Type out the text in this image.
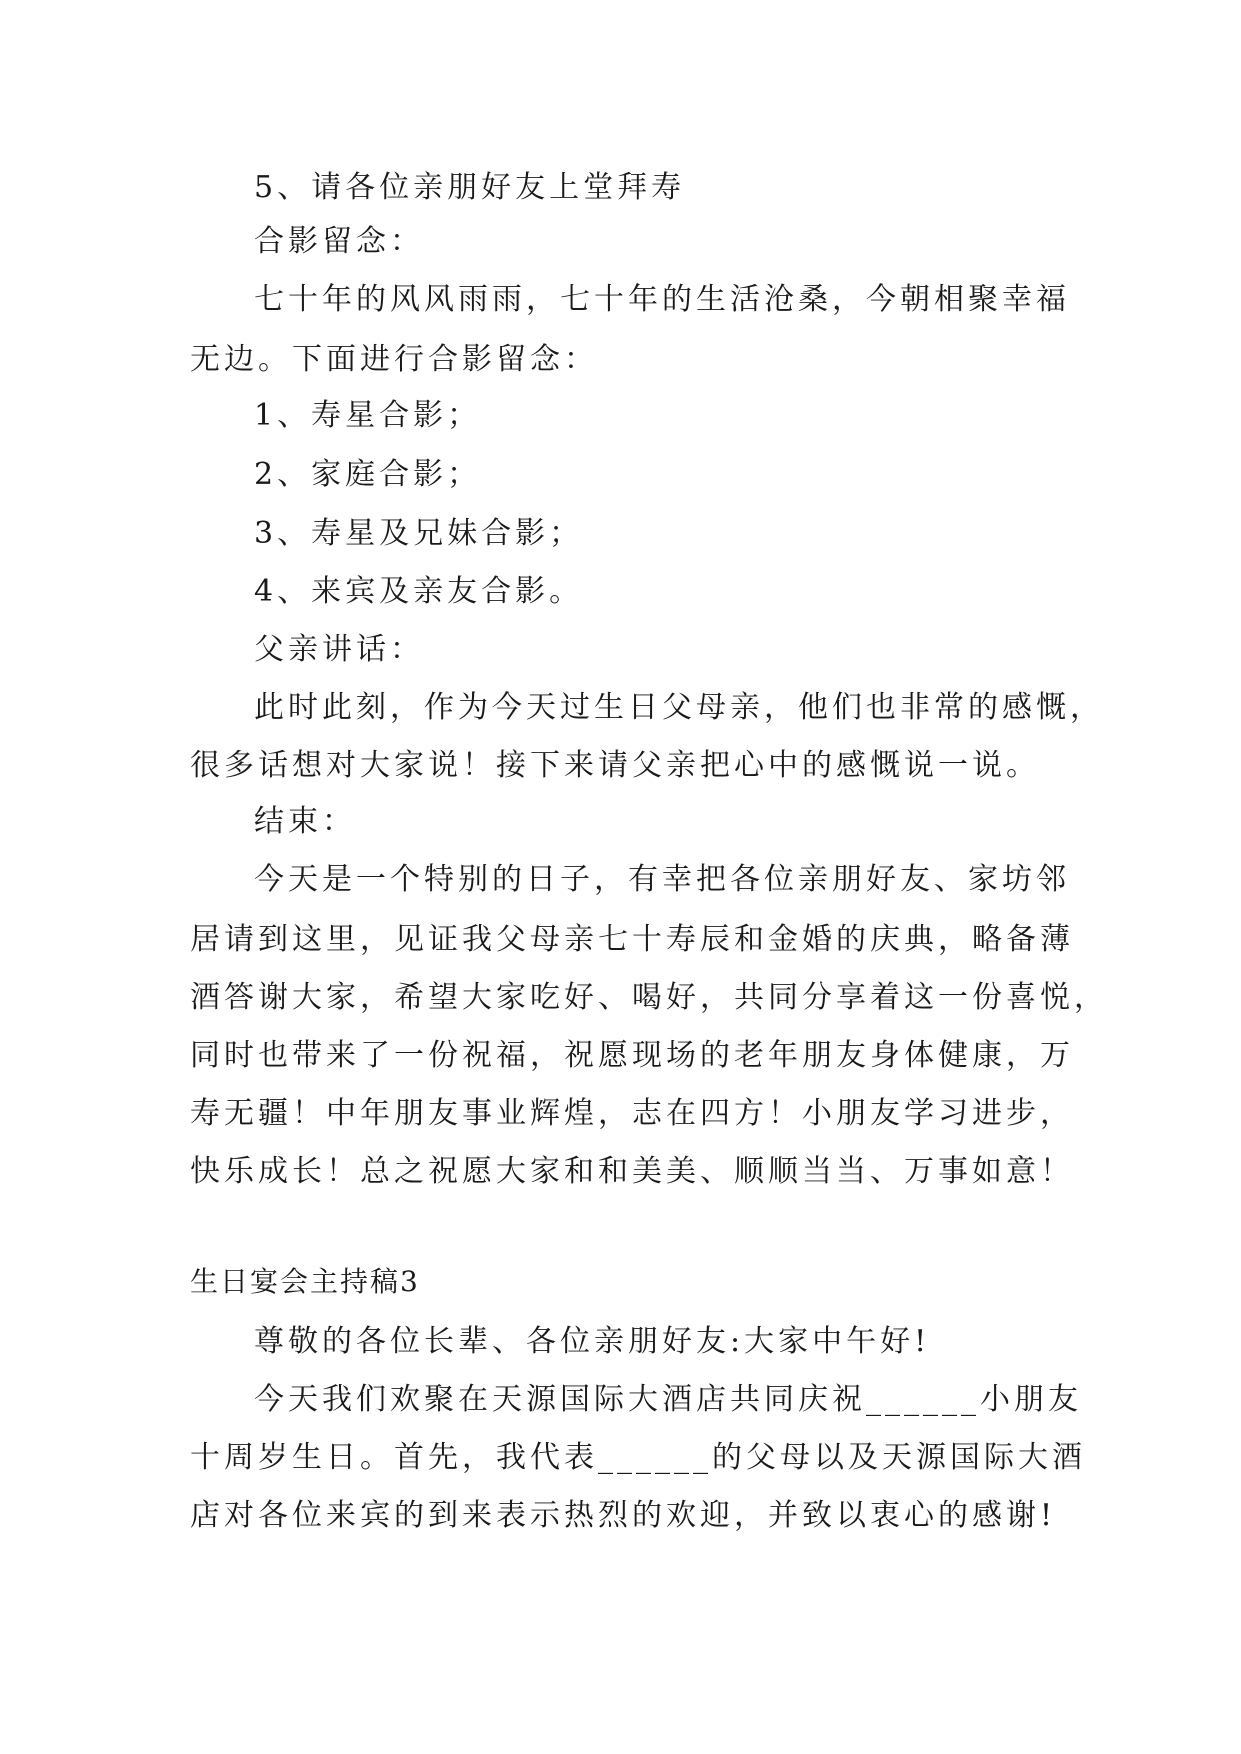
5、请各位亲朋好友上堂拜寿
合影留念：
七十年的风风雨雨，七十年的生活沧桑，今朝相聚幸福
无边。下面进行合影留念：
1、寿星合影；
2、家庭合影；
3、寿星及兄妹合影；
4、来宾及亲友合影。
父亲讲话：
此时此刻，作为今天过生日父母亲，他们也非常的感慨，
很多话想对大家说！接下来请父亲把心中的感慨说一说。
结束：
今天是一个特别的日子，有幸把各位亲朋好友、家坊邻
居请到这里，见证我父母亲七十寿辰和金婚的庆典，略备薄
酒答谢大家，希望大家吃好、喝好，共同分享着这一份喜悦，
同时也带来了一份祝福，祝愿现场的老年朋友身体健康，万
寿无疆！中年朋友事业辉煌，志在四方！小朋友学习进步，
快乐成长！总之祝愿大家和和美美、顺顺当当、万事如意！
生日宴会主持稿3
尊敬的各位长辈、各位亲朋好友:大家中午好!
今天我们欢聚在天源国际大酒店共同庆祝______小朋友
十周岁生日。首先，我代表______的父母以及天源国际大酒
店对各位来宾的到来表示热烈的欢迎，并致以衷心的感谢!
